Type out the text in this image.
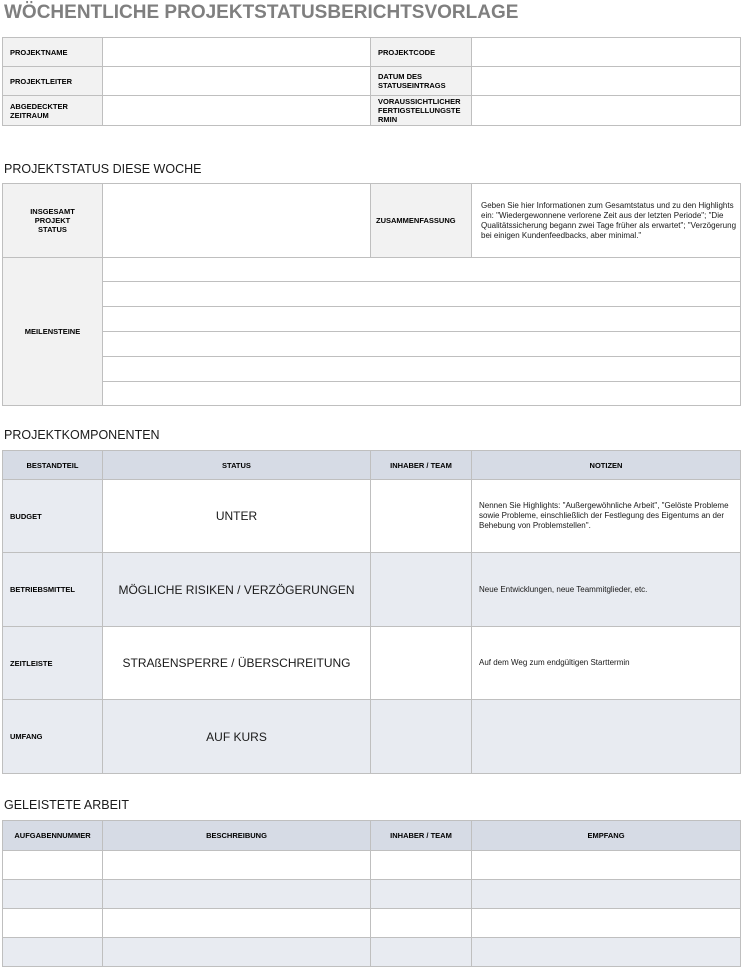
WÖCHENTLICHE PROJEKTSTATUSBERICHTSVORLAGE
PROJEKTNAME		PROJEKTCODE	
PROJEKTLEITER		DATUM DES STATUSEINTRAGS	
ABGEDECKTER ZEITRAUM		VORAUSSICHTLICHER FERTIGSTELLUNGSTERMIN	
PROJEKTSTATUS DIESE WOCHE
INSGESAMT PROJEKT STATUS		ZUSAMMENFASSUNG	Geben Sie hier Informationen zum Gesamtstatus und zu den Highlights ein: "Wiedergewonnene verlorene Zeit aus der letzten Periode"; "Die Qualitätssicherung begann zwei Tage früher als erwartet"; "Verzögerung bei einigen Kundenfeedbacks, aber minimal."
MEILENSTEINE			
PROJEKTKOMPONENTEN
BESTANDTEIL	STATUS	INHABER / TEAM	NOTIZEN
BUDGET	UNTER		Nennen Sie Highlights: "Außergewöhnliche Arbeit", "Gelöste Probleme sowie Probleme, einschließlich der Festlegung des Eigentums an der Behebung von Problemstellen".
BETRIEBSMITTEL	MÖGLICHE RISIKEN / VERZÖGERUNGEN		Neue Entwicklungen, neue Teammitglieder, etc.
ZEITLEISTE	STRAßENSPERRE / ÜBERSCHREITUNG		Auf dem Weg zum endgültigen Starttermin
UMFANG	AUF KURS		
GELEISTETE ARBEIT
AUFGABENNUMMER	BESCHREIBUNG	INHABER / TEAM	EMPFANG
